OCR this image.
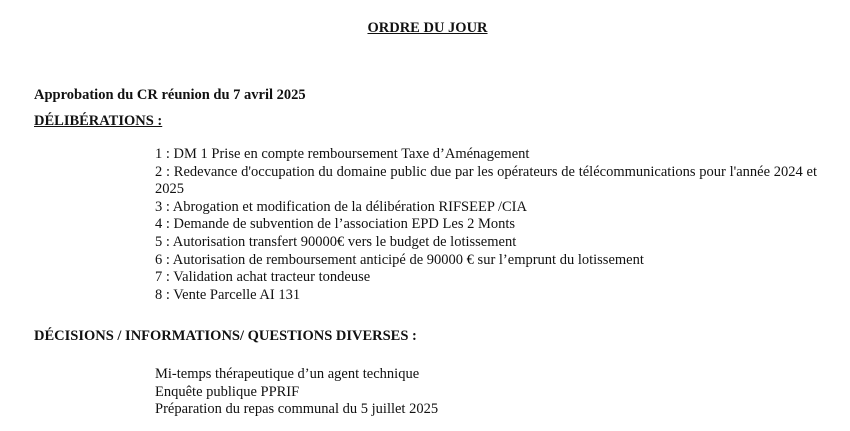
ORDRE DU JOUR
Approbation du CR réunion du 7 avril 2025
DÉLIBÉRATIONS :
1 : DM 1 Prise en compte remboursement Taxe d’Aménagement
2 : Redevance d'occupation du domaine public due par les opérateurs de télécommunications pour l'année 2024 et 2025
3 : Abrogation et modification de la délibération RIFSEEP /CIA
4 : Demande de subvention de l’association EPD Les 2 Monts
5 : Autorisation transfert 90000€ vers le budget de lotissement
6 : Autorisation de remboursement anticipé de 90000 € sur l’emprunt du lotissement
7 : Validation achat tracteur tondeuse
8 : Vente Parcelle AI 131
DÉCISIONS / INFORMATIONS/ QUESTIONS DIVERSES :
Mi-temps thérapeutique d’un agent technique
Enquête publique PPRIF
Préparation du repas communal du 5 juillet 2025
